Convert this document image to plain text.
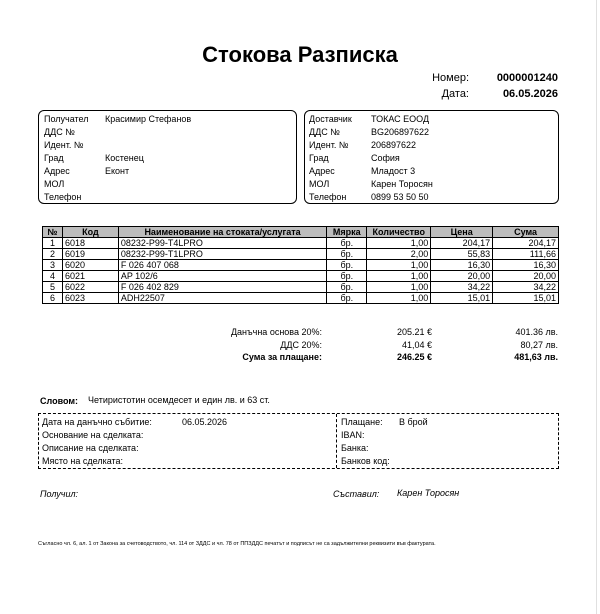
Стокова Разписка
Номер:	0000001240
Дата:	06.05.2026
Получател Красимир Стефанов
ДДС №
Идент. №
Град	Костенец
Адрес	Еконт
МОЛ
Телефон
Доставчик ТОКАС ЕООД
ДДС №	BG206897622
Идент. №	206897622
Град	София
Адрес	Младост 3
МОЛ	Карен Торосян
Телефон	0899 53 50 50
№	Код	Наименование на стоката/услугата	Мярка	Количество	Цена	Сума
1	6018	08232-P99-T4LPRO	бр.	1,00	204,17	204,17
2	6019	08232-P99-T1LPRO	бр.	2,00	55,83	111,66
3	6020	F 026 407 068	бр.	1,00	16,30	16,30
4	6021	AP 102/6	бр.	1,00	20,00	20,00
5	6022	F 026 402 829	бр.	1,00	34,22	34,22
6	6023	ADH22507	бр.	1,00	15,01	15,01
Данъчна основа 20%:	205.21 €	401.36 лв.
ДДС 20%:	41,04 €	80,27 лв.
Сума за плащане:	246.25 €	481,63 лв.
Словом: Четиристотин осемдесет и един лв. и 63 ст.
Дата на данъчно събитие:	06.05.2026
Основание на сделката:
Описание на сделката:
Място на сделката:
Плащане: В брой
IBAN:
Банка:
Банков код:
Получил:	Съставил: Карен Торосян
Съгласно чл. 6, ал. 1 от Закона за счетоводството, чл. 114 от ЗДДС и чл. 78 от ППЗДДС печатът и подписът не са задължителни реквизити във фактурата.
